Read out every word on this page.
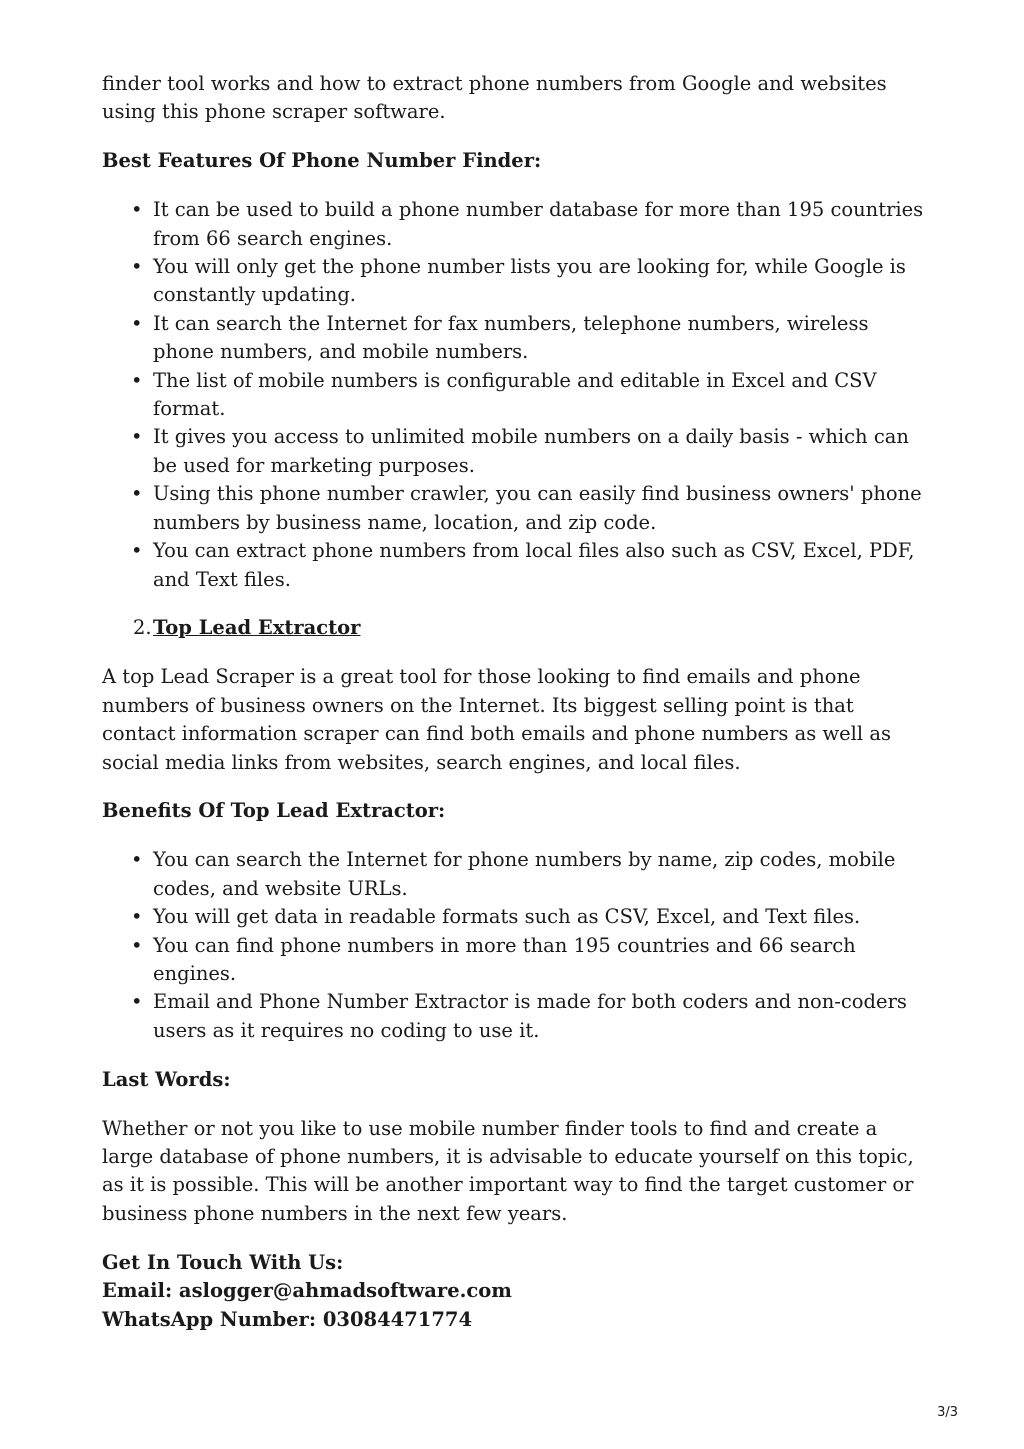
finder tool works and how to extract phone numbers from Google and websites using this phone scraper software.

Best Features Of Phone Number Finder:
• It can be used to build a phone number database for more than 195 countries from 66 search engines.
• You will only get the phone number lists you are looking for, while Google is constantly updating.
• It can search the Internet for fax numbers, telephone numbers, wireless phone numbers, and mobile numbers.
• The list of mobile numbers is configurable and editable in Excel and CSV format.
• It gives you access to unlimited mobile numbers on a daily basis - which can be used for marketing purposes.
• Using this phone number crawler, you can easily find business owners' phone numbers by business name, location, and zip code.
• You can extract phone numbers from local files also such as CSV, Excel, PDF, and Text files.
2.Top Lead Extractor

A top Lead Scraper is a great tool for those looking to find emails and phone numbers of business owners on the Internet. Its biggest selling point is that contact information scraper can find both emails and phone numbers as well as social media links from websites, search engines, and local files.

Benefits Of Top Lead Extractor:
• You can search the Internet for phone numbers by name, zip codes, mobile codes, and website URLs.
• You will get data in readable formats such as CSV, Excel, and Text files.
• You can find phone numbers in more than 195 countries and 66 search engines.
• Email and Phone Number Extractor is made for both coders and non-coders users as it requires no coding to use it.
Last Words:

Whether or not you like to use mobile number finder tools to find and create a large database of phone numbers, it is advisable to educate yourself on this topic, as it is possible. This will be another important way to find the target customer or business phone numbers in the next few years.

Get In Touch With Us:
Email: aslogger@ahmadsoftware.com
WhatsApp Number: 03084471774
3/3
